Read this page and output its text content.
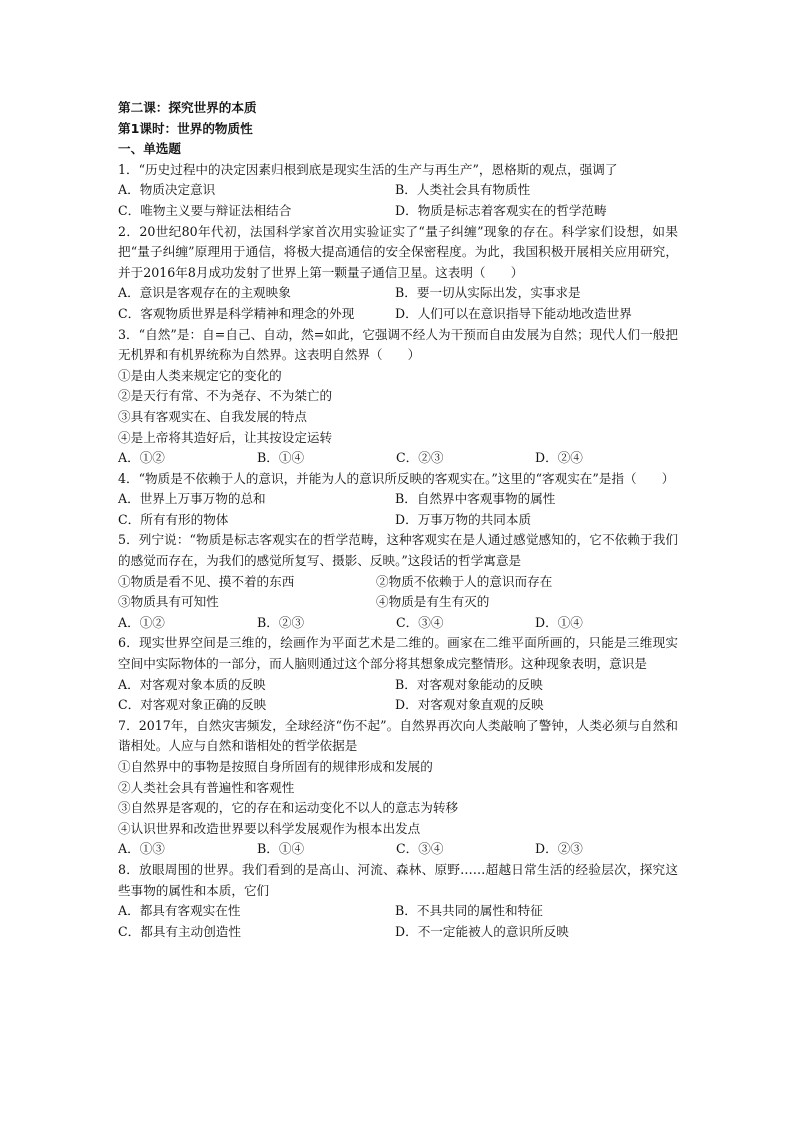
第二课：探究世界的本质
第1课时：世界的物质性
一、单选题
1．“历史过程中的决定因素归根到底是现实生活的生产与再生产”，恩格斯的观点，强调了
A．物质决定意识	B．人类社会具有物质性
C．唯物主义要与辩证法相结合	D．物质是标志着客观实在的哲学范畴
2．20世纪80年代初，法国科学家首次用实验证实了“量子纠缠”现象的存在。科学家们设想，如果把“量子纠缠”原理用于通信，将极大提高通信的安全保密程度。为此，我国积极开展相关应用研究，并于2016年8月成功发射了世界上第一颗量子通信卫星。这表明（　　）
A．意识是客观存在的主观映象	B．要一切从实际出发，实事求是
C．客观物质世界是科学精神和理念的外现	D．人们可以在意识指导下能动地改造世界
3．“自然”是：自=自己、自动，然=如此，它强调不经人为干预而自由发展为自然；现代人们一般把无机界和有机界统称为自然界。这表明自然界（　　）
①是由人类来规定它的变化的
②是天行有常、不为尧存、不为桀亡的
③具有客观实在、自我发展的特点
④是上帝将其造好后，让其按设定运转
A．①②	B．①④	C．②③	D．②④
4．“物质是不依赖于人的意识，并能为人的意识所反映的客观实在。”这里的“客观实在”是指（　　）
A．世界上万事万物的总和	B．自然界中客观事物的属性
C．所有有形的物体	D．万事万物的共同本质
5．列宁说：“物质是标志客观实在的哲学范畴，这种客观实在是人通过感觉感知的，它不依赖于我们的感觉而存在，为我们的感觉所复写、摄影、反映。”这段话的哲学寓意是
①物质是看不见、摸不着的东西	②物质不依赖于人的意识而存在
③物质具有可知性	④物质是有生有灭的
A．①②	B．②③	C．③④	D．①④
6．现实世界空间是三维的，绘画作为平面艺术是二维的。画家在二维平面所画的，只能是三维现实空间中实际物体的一部分，而人脑则通过这个部分将其想象成完整情形。这种现象表明，意识是
A．对客观对象本质的反映	B．对客观对象能动的反映
C．对客观对象正确的反映	D．对客观对象直观的反映
7．2017年，自然灾害频发，全球经济“伤不起”。自然界再次向人类敲响了警钟，人类必须与自然和谐相处。人应与自然和谐相处的哲学依据是
①自然界中的事物是按照自身所固有的规律形成和发展的
②人类社会具有普遍性和客观性
③自然界是客观的，它的存在和运动变化不以人的意志为转移
④认识世界和改造世界要以科学发展观作为根本出发点
A．①③	B．①④	C．③④	D．②③
8．放眼周围的世界。我们看到的是高山、河流、森林、原野……超越日常生活的经验层次，探究这些事物的属性和本质，它们
A．都具有客观实在性	B．不具共同的属性和特征
C．都具有主动创造性	D．不一定能被人的意识所反映
